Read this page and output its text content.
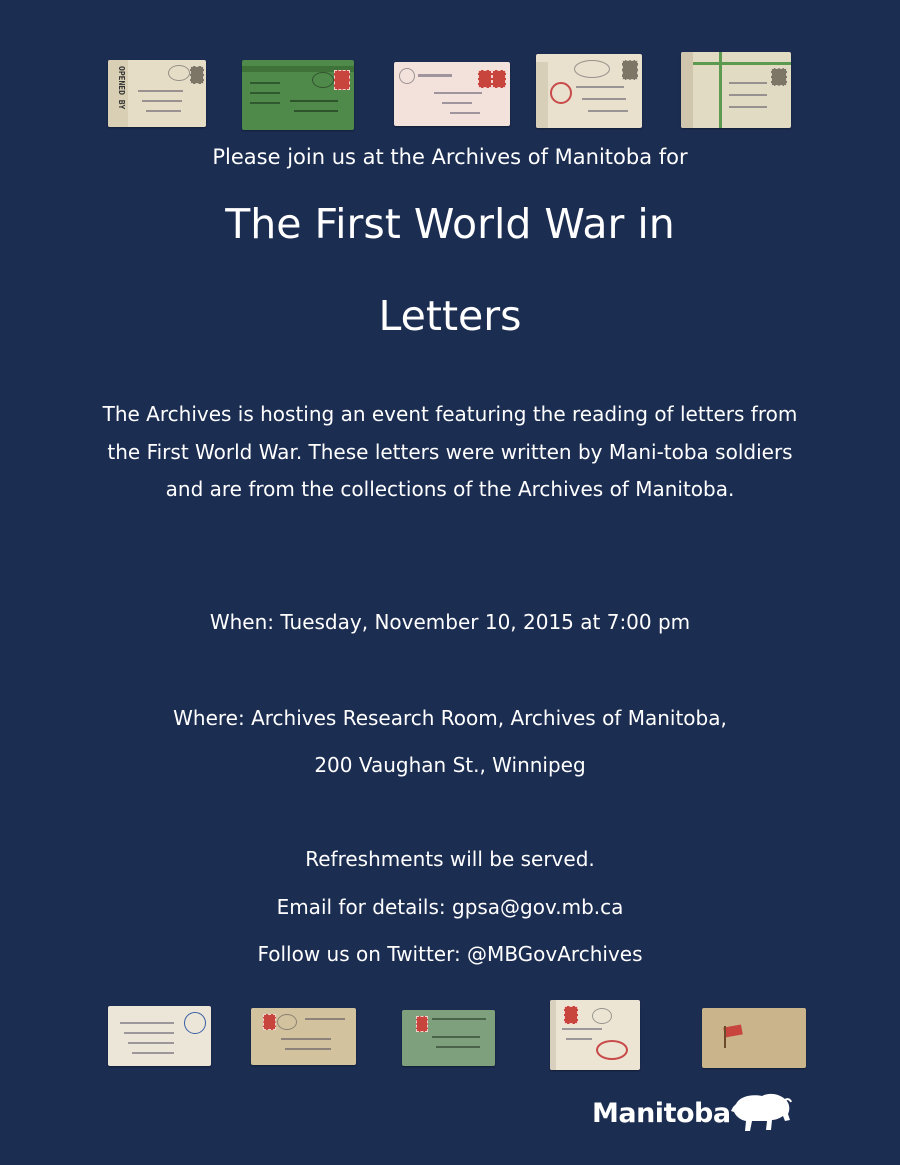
OPENED BY
Please join us at the Archives of Manitoba for
The First World War in
Letters
The Archives is hosting an event featuring the reading of letters from the First World War. These letters were written by Mani-toba soldiers and are from the collections of the Archives of Manitoba.
When: Tuesday, November 10, 2015 at 7:00 pm
Where: Archives Research Room, Archives of Manitoba,
200 Vaughan St., Winnipeg
Refreshments will be served.
Email for details: gpsa@gov.mb.ca
Follow us on Twitter: @MBGovArchives
Manitoba
